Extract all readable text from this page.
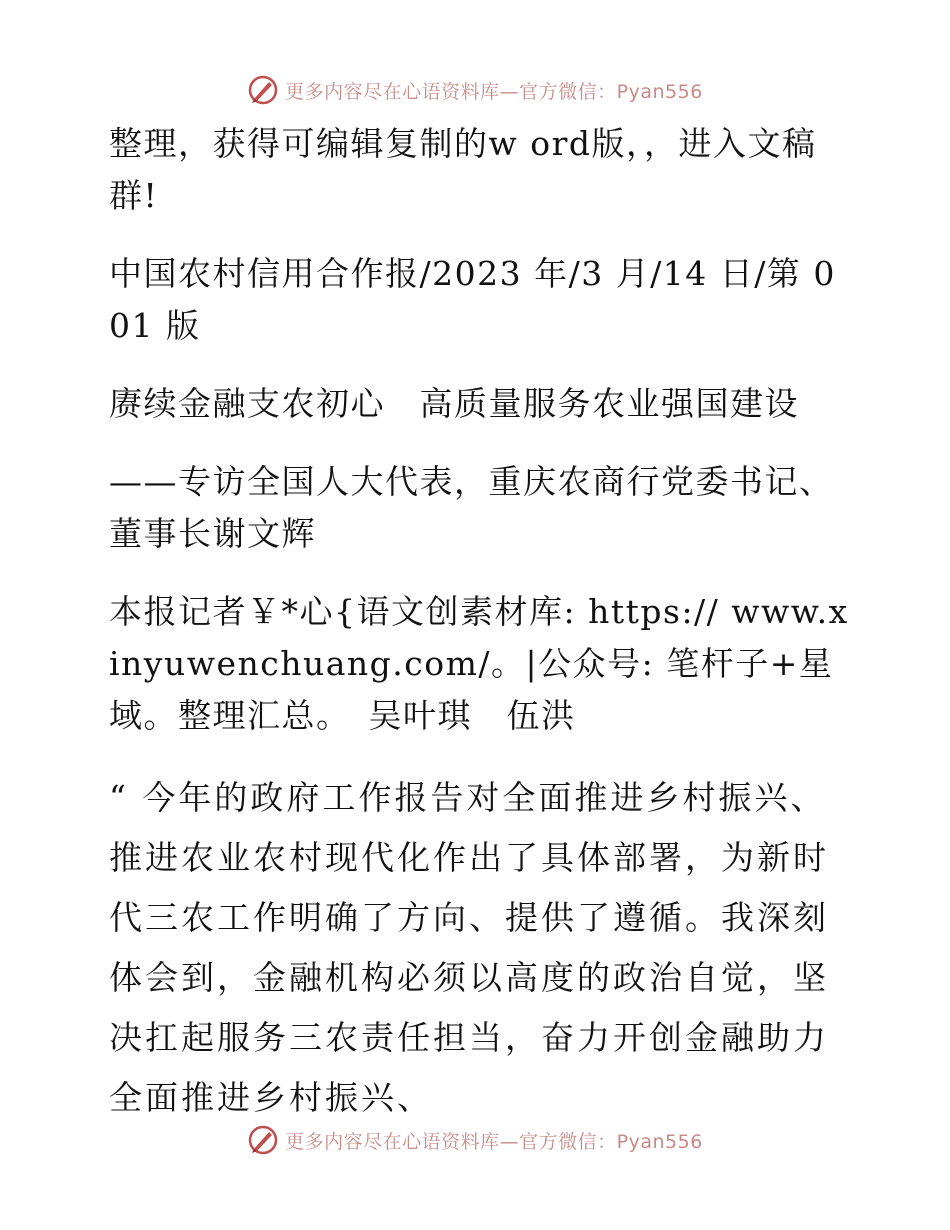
更多内容尽在心语资料库—官方微信：Pyan556

整理，获得可编辑复制的w ord版，，进入文稿群!

中国农村信用合作报/2023 年/3 月/14 日/第 001 版

赓续金融支农初心　高质量服务农业强国建设

——专访全国人大代表，重庆农商行党委书记、董事长谢文辉

本报记者￥*心{语文创素材库: https:// www.xinyuwenchuang.com/。|公众号: 笔杆子+星域。整理汇总。　吴叶琪　伍洪

“ 今年的政府工作报告对全面推进乡村振兴、推进农业农村现代化作出了具体部署，为新时代三农工作明确了方向、提供了遵循。我深刻体会到，金融机构必须以高度的政治自觉，坚决扛起服务三农责任担当，奋力开创金融助力全面推进乡村振兴、

更多内容尽在心语资料库—官方微信：Pyan556
